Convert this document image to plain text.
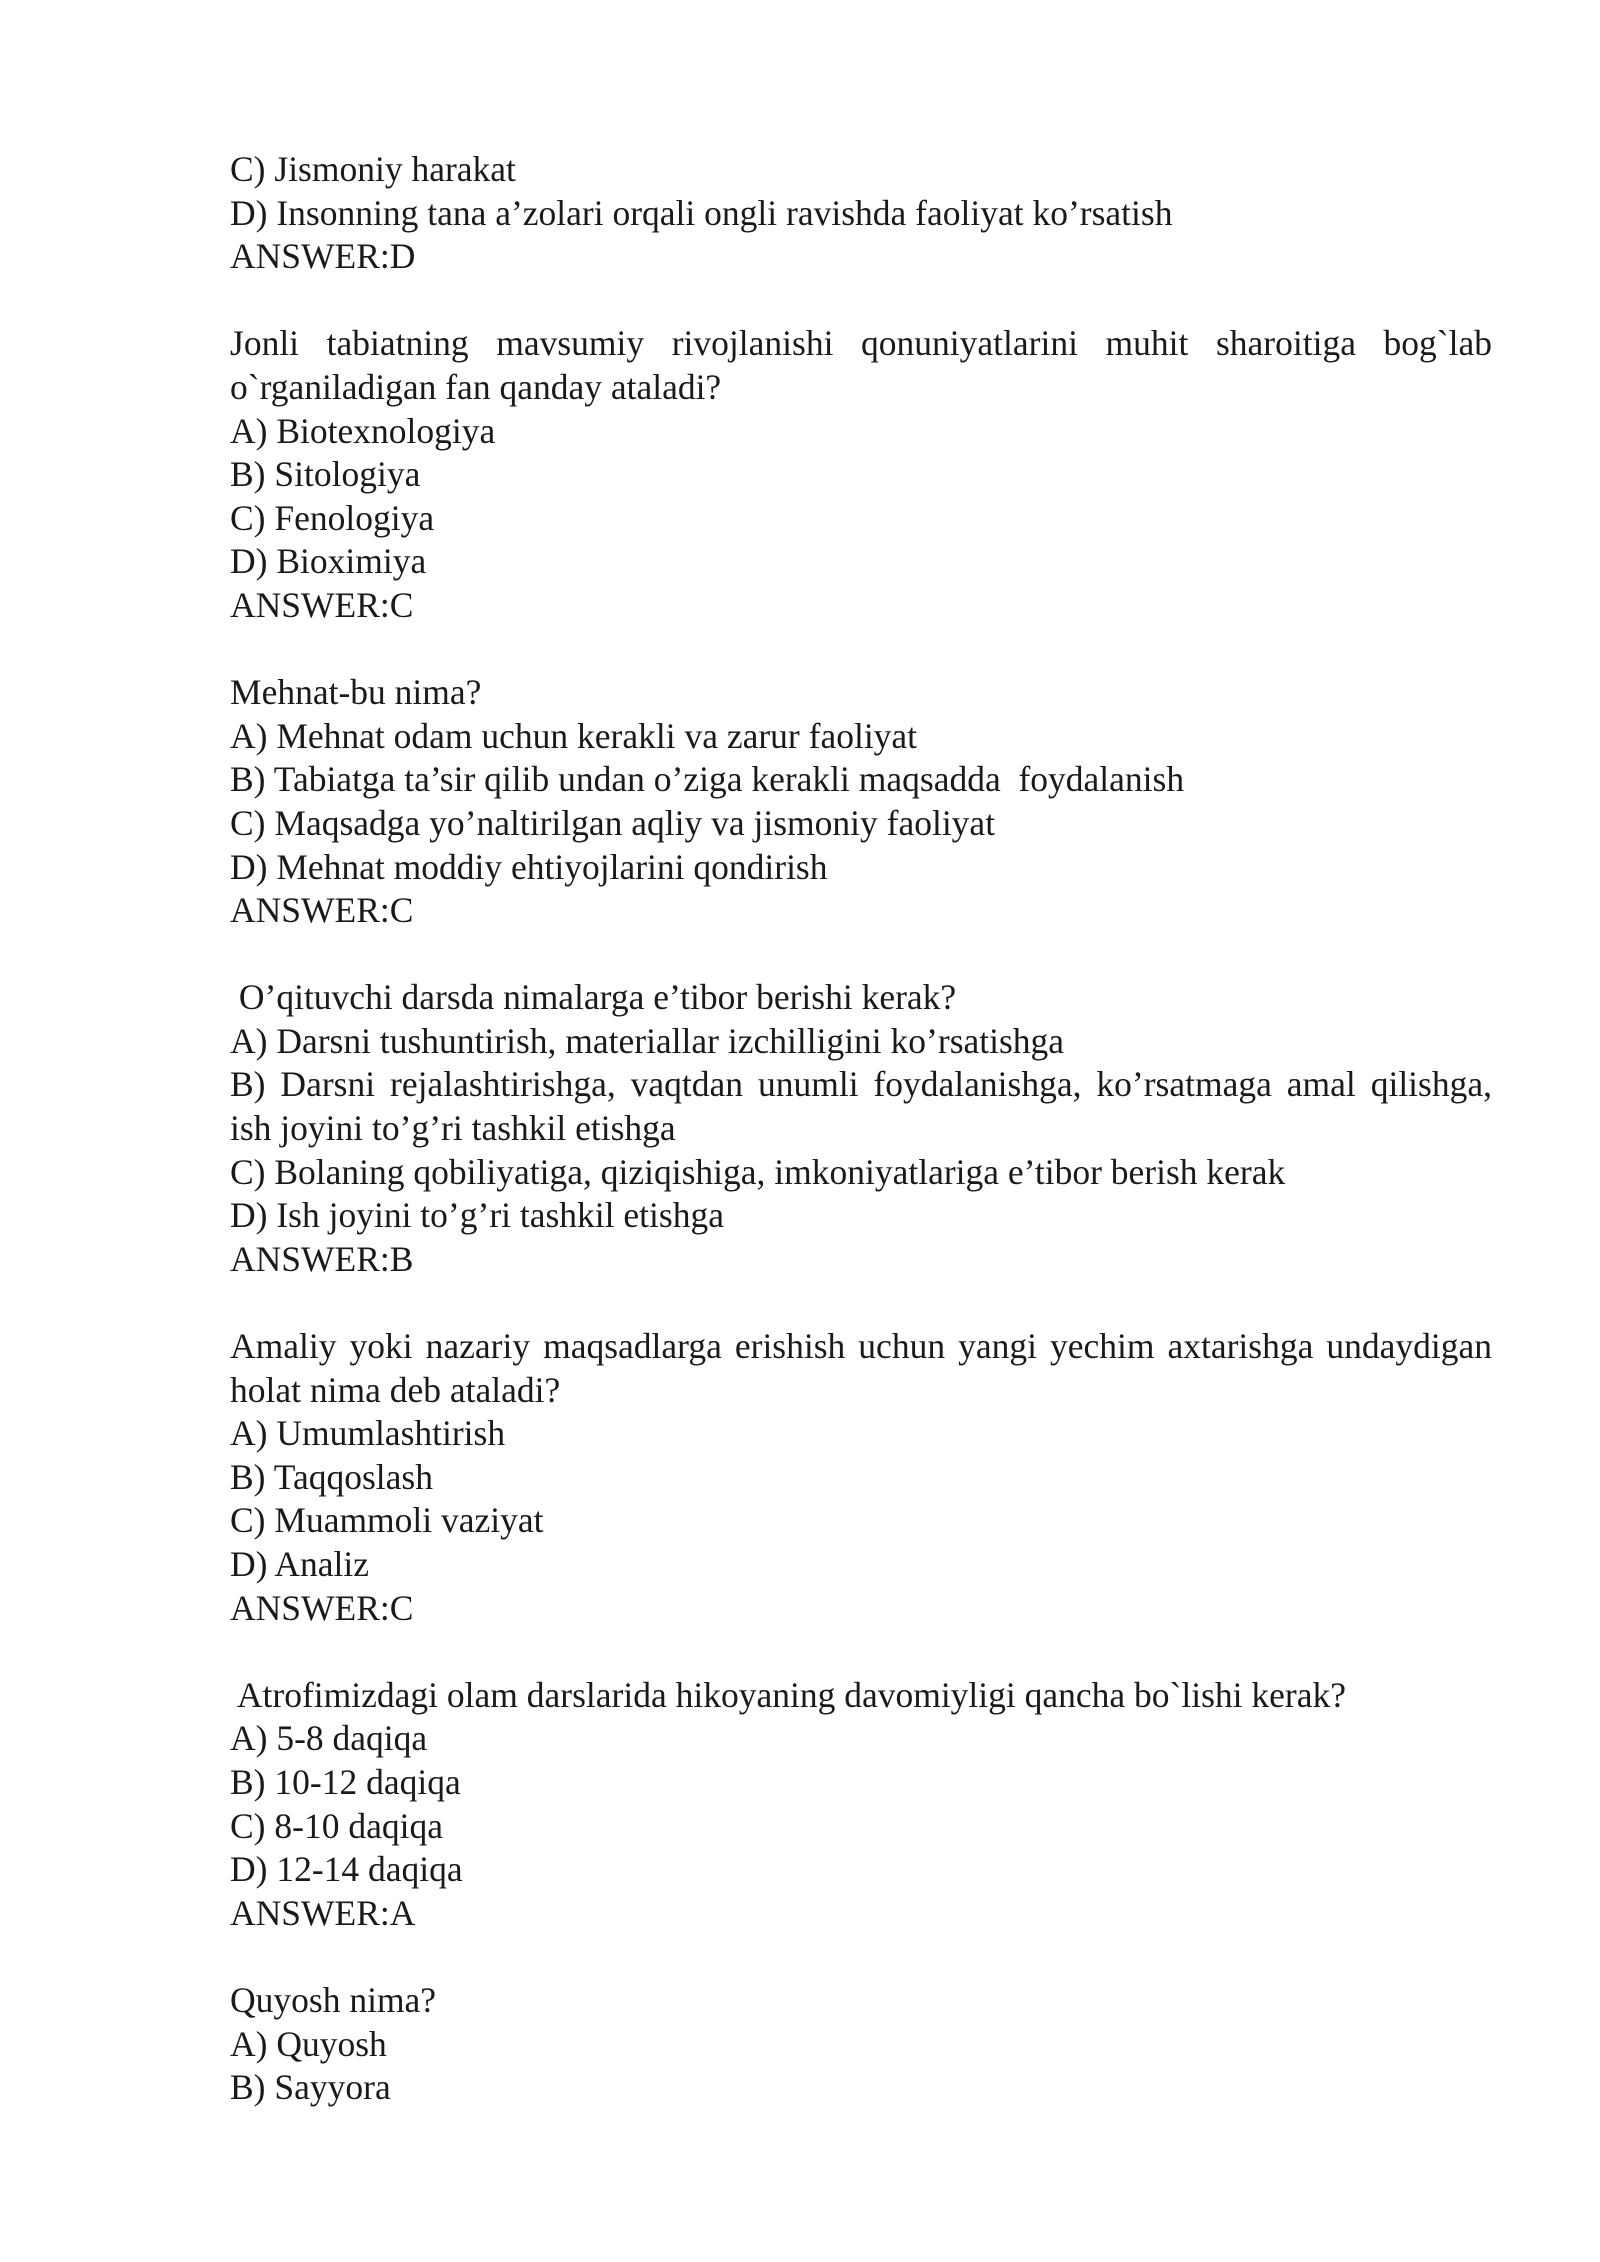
C) Jismoniy harakat
D) Insonning tana a’zolari orqali ongli ravishda faoliyat ko’rsatish
ANSWER:D
Jonli tabiatning mavsumiy rivojlanishi qonuniyatlarini muhit sharoitiga bog`lab o`rganiladigan fan qanday ataladi?
A) Biotexnologiya
B) Sitologiya
C) Fenologiya
D) Bioximiya
ANSWER:C
Mehnat-bu nima?
A) Mehnat odam uchun kerakli va zarur faoliyat
B) Tabiatga ta’sir qilib undan o’ziga kerakli maqsadda  foydalanish
C) Maqsadga yo’naltirilgan aqliy va jismoniy faoliyat
D) Mehnat moddiy ehtiyojlarini qondirish
ANSWER:C
O’qituvchi darsda nimalarga e’tibor berishi kerak?
A) Darsni tushuntirish, materiallar izchilligini ko’rsatishga
B) Darsni rejalashtirishga, vaqtdan unumli foydalanishga, ko’rsatmaga amal qilishga, ish joyini to’g’ri tashkil etishga
C) Bolaning qobiliyatiga, qiziqishiga, imkoniyatlariga e’tibor berish kerak
D) Ish joyini to’g’ri tashkil etishga
ANSWER:B
Amaliy yoki nazariy maqsadlarga erishish uchun yangi yechim axtarishga undaydigan holat nima deb ataladi?
A) Umumlashtirish
B) Taqqoslash
C) Muammoli vaziyat
D) Analiz
ANSWER:C
Atrofimizdagi olam darslarida hikoyaning davomiyligi qancha bo`lishi kerak?
A) 5-8 daqiqa
B) 10-12 daqiqa
C) 8-10 daqiqa
D) 12-14 daqiqa
ANSWER:A
Quyosh nima?
A) Quyosh
B) Sayyora
